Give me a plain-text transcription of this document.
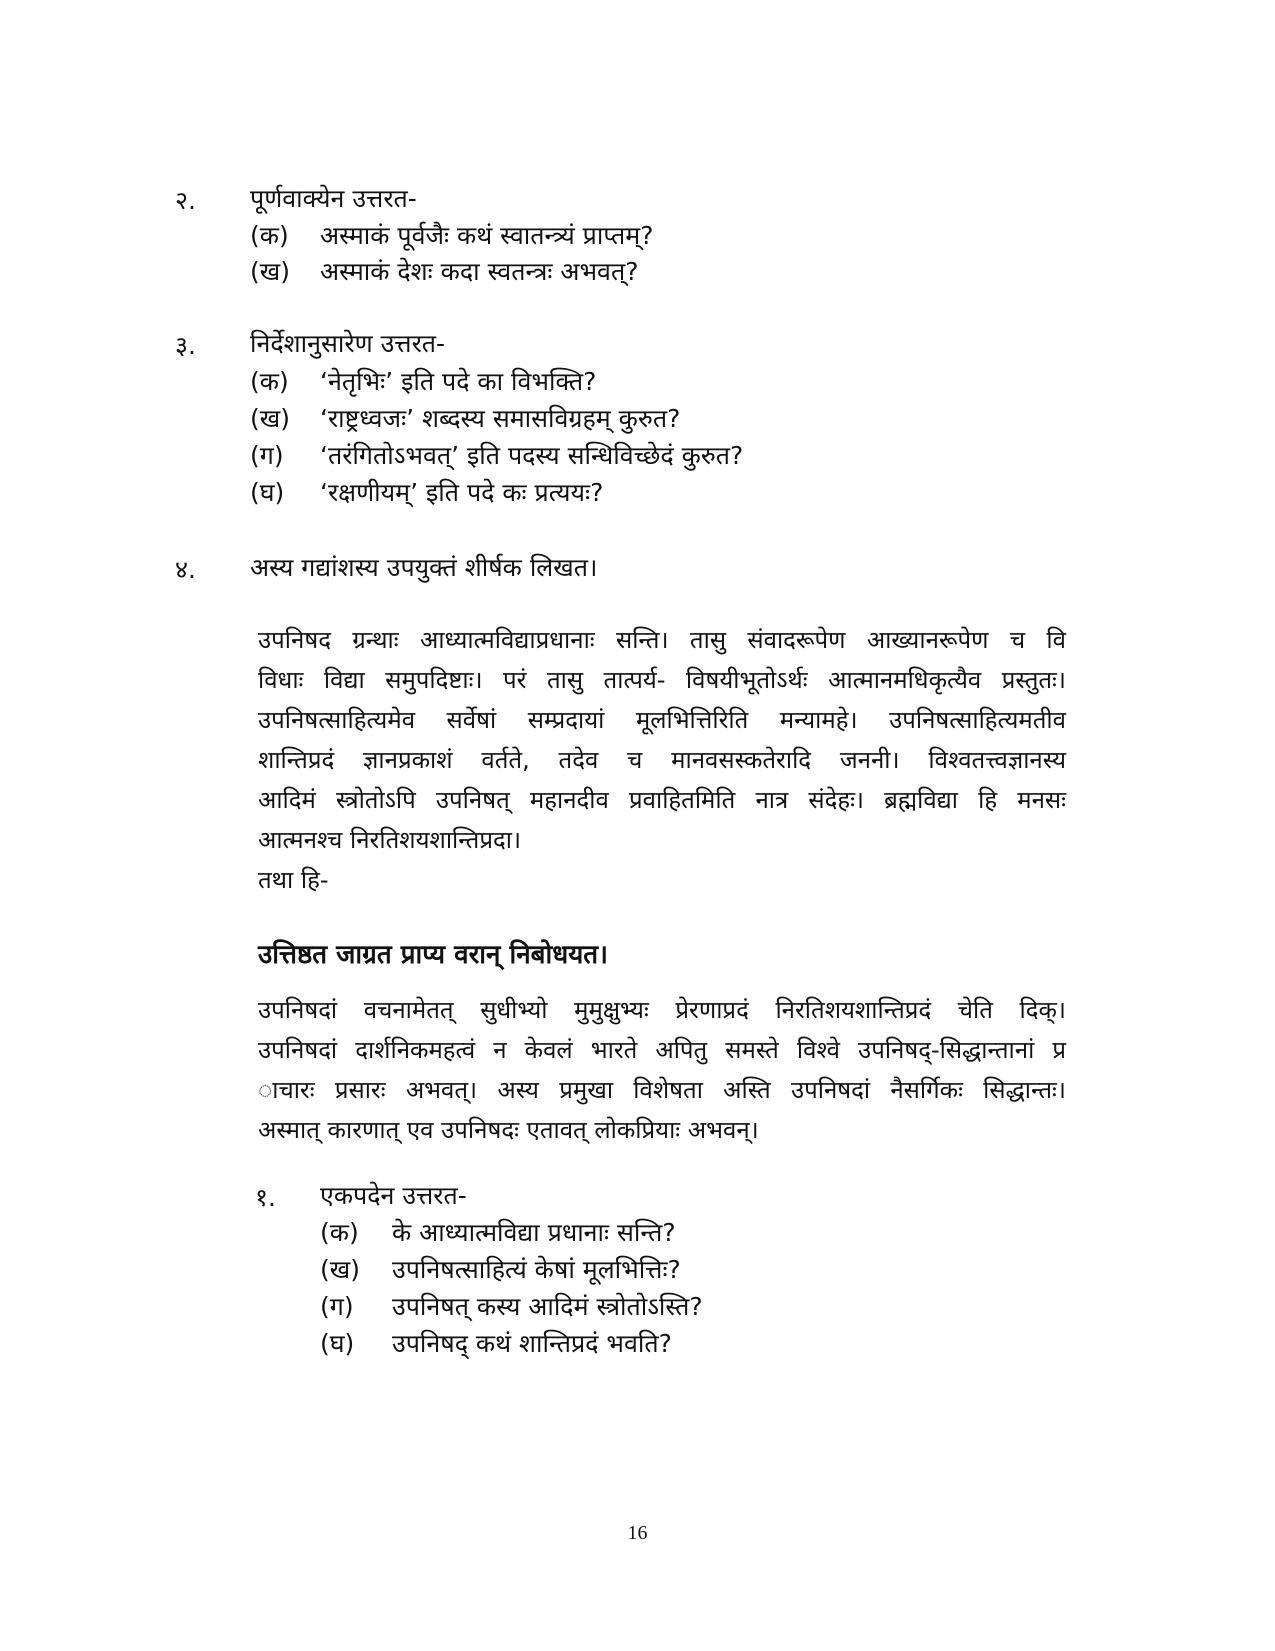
२. पूर्णवाक्येन उत्तरत-
(क) अस्माकं पूर्वजैः कथं स्वातन्त्र्यं प्राप्तम्?
(ख) अस्माकं देशः कदा स्वतन्त्रः अभवत्?
३. निर्देशानुसारेण उत्तरत-
(क) ‘नेतृभिः’ इति पदे का विभक्ति?
(ख) ‘राष्ट्रध्वजः’ शब्दस्य समासविग्रहम् कुरुत?
(ग) ‘तरंगितोऽभवत्’ इति पदस्य सन्धिविच्छेदं कुरुत?
(घ) ‘रक्षणीयम्’ इति पदे कः प्रत्ययः?
४. अस्य गद्यांशस्य उपयुक्तं शीर्षक लिखत।
उपनिषद ग्रन्थाः आध्यात्मविद्याप्रधानाः सन्ति। तासु संवादरूपेण आख्यानरूपेण च वि
विधाः विद्या समुपदिष्टाः। परं तासु तात्पर्य- विषयीभूतोऽर्थः आत्मानमधिकृत्यैव प्रस्तुतः।
उपनिषत्साहित्यमेव सर्वेषां सम्प्रदायां मूलभित्तिरिति मन्यामहे। उपनिषत्साहित्यमतीव
शान्तिप्रदं ज्ञानप्रकाशं वर्तते, तदेव च मानवसस्कतेरादि जननी। विश्वतत्त्वज्ञानस्य
आदिमं स्त्रोतोऽपि उपनिषत् महानदीव प्रवाहितमिति नात्र संदेहः। ब्रह्मविद्या हि मनसः
आत्मनश्च निरतिशयशान्तिप्रदा।
तथा हि-
उत्तिष्ठत जाग्रत प्राप्य वरान् निबोधयत।
उपनिषदां वचनामेतत् सुधीभ्यो मुमुक्षुभ्यः प्रेरणाप्रदं निरतिशयशान्तिप्रदं चेति दिक्।
उपनिषदां दार्शनिकमहत्वं न केवलं भारते अपितु समस्ते विश्वे उपनिषद्-सिद्धान्तानां प्र
ाचारः प्रसारः अभवत्। अस्य प्रमुखा विशेषता अस्ति उपनिषदां नैसर्गिकः सिद्धान्तः।
अस्मात् कारणात् एव उपनिषदः एतावत् लोकप्रियाः अभवन्।
१. एकपदेन उत्तरत-
(क) के आध्यात्मविद्या प्रधानाः सन्ति?
(ख) उपनिषत्साहित्यं केषां मूलभित्तिः?
(ग) उपनिषत् कस्य आदिमं स्त्रोतोऽस्ति?
(घ) उपनिषद् कथं शान्तिप्रदं भवति?
16
